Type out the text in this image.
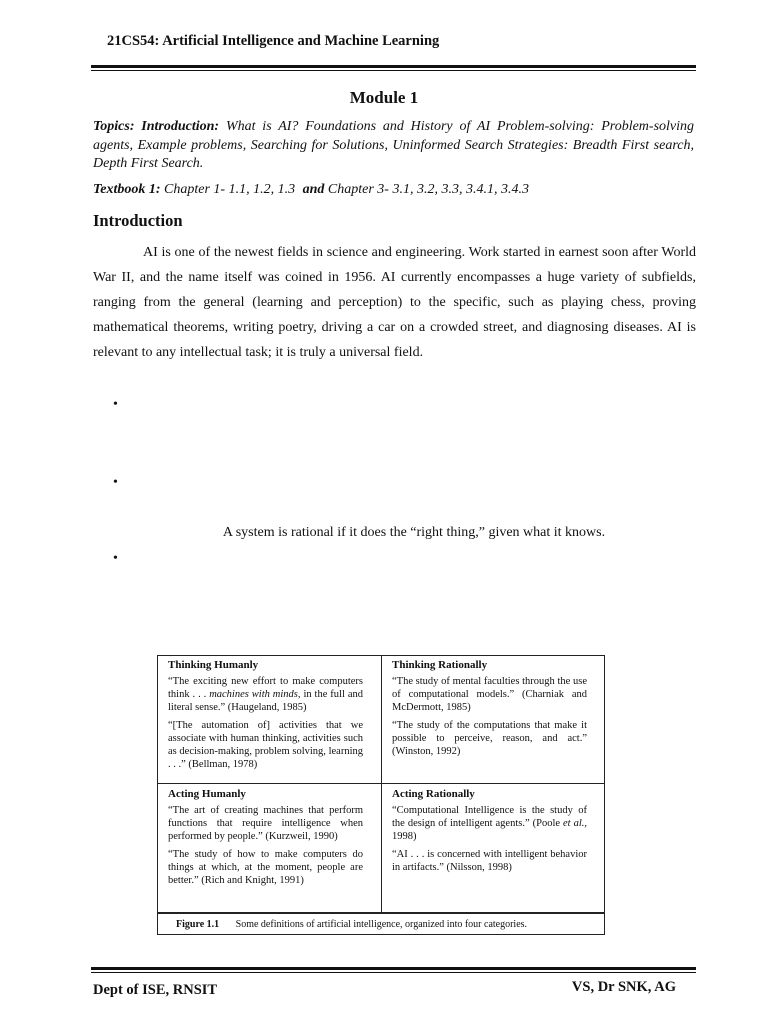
21CS54: Artificial Intelligence and Machine Learning
Module 1
Topics: Introduction: What is AI? Foundations and History of AI Problem-solving: Problem-solving agents, Example problems, Searching for Solutions, Uninformed Search Strategies: Breadth First search, Depth First Search.
Textbook 1: Chapter 1- 1.1, 1.2, 1.3 and Chapter 3- 3.1, 3.2, 3.3, 3.4.1, 3.4.3
Introduction
AI is one of the newest fields in science and engineering. Work started in earnest soon after World War II, and the name itself was coined in 1956. AI currently encompasses a huge variety of subfields, ranging from the general (learning and perception) to the specific, such as playing chess, proving mathematical theorems, writing poetry, driving a car on a crowded street, and diagnosing diseases. AI is relevant to any intellectual task; it is truly a universal field.
•
•
A system is rational if it does the “right thing,” given what it knows.
•
Thinking Humanly

“The exciting new effort to make computers think . . . machines with minds, in the full and literal sense.” (Haugeland, 1985)

“[The automation of] activities that we associate with human thinking, activities such as decision-making, problem solving, learning . . .” (Bellman, 1978)

Thinking Rationally

“The study of mental faculties through the use of computational models.” (Charniak and McDermott, 1985)

“The study of the computations that make it possible to perceive, reason, and act.” (Winston, 1992)

Acting Humanly

“The art of creating machines that perform functions that require intelligence when performed by people.” (Kurzweil, 1990)

“The study of how to make computers do things at which, at the moment, people are better.” (Rich and Knight, 1991)

Acting Rationally

“Computational Intelligence is the study of the design of intelligent agents.” (Poole et al., 1998)

“AI . . . is concerned with intelligent behavior in artifacts.” (Nilsson, 1998)

Figure 1.1 Some definitions of artificial intelligence, organized into four categories.
Dept of ISE, RNSIT	VS, Dr SNK, AG
